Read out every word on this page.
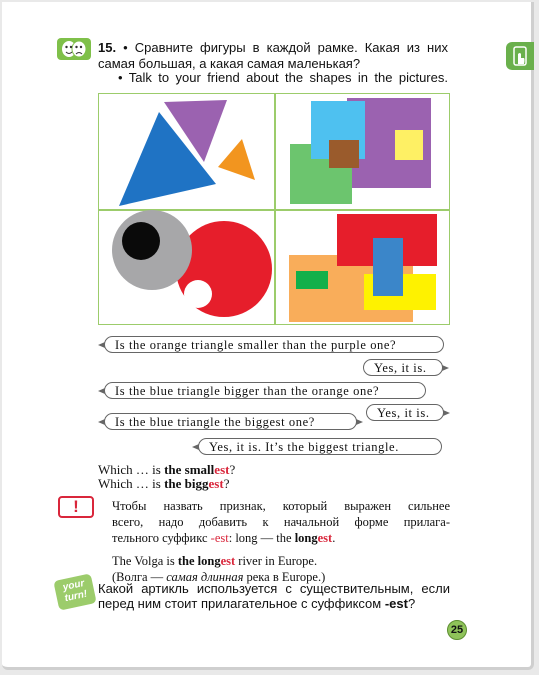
15. • Сравните фигуры в каждой рамке. Какая из них
самая большая, а какая самая маленькая?
• Talk to your friend about the shapes in the pictures.
Is the orange triangle smaller than the purple one?
Yes, it is.
Is the blue triangle bigger than the orange one?
Is the blue triangle the biggest one?
Yes, it is.
Yes, it is. It’s the biggest triangle.
Which … is the smallest?
Which … is the biggest?
!	Чтобы назвать признак, который выражен сильнее
всего, надо добавить к начальной форме прилага-
тельного суффикс -est: long — the longest.
The Volga is the longest river in Europe.
(Волга — самая длинная река в Europe.)
your turn!
Какой артикль используется с существительным, если
перед ним стоит прилагательное с суффиксом -est?
25
